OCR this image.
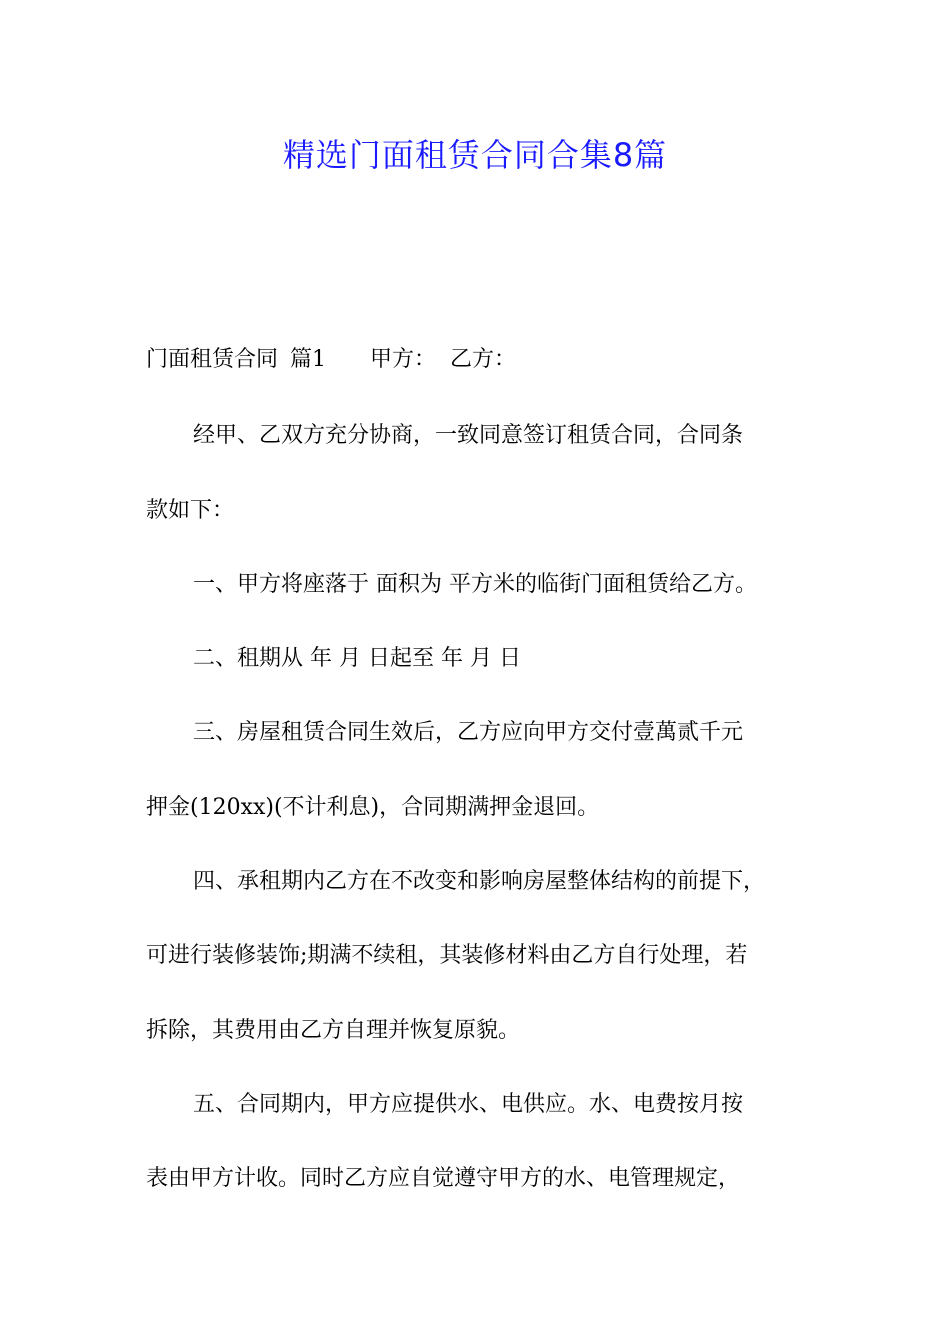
精选门面租赁合同合集8篇

门面租赁合同 篇1 甲方： 乙方：

经甲、乙双方充分协商，一致同意签订租赁合同，合同条

款如下：

一、甲方将座落于 面积为 平方米的临街门面租赁给乙方。

二、租期从 年 月 日起至 年 月 日

三、房屋租赁合同生效后，乙方应向甲方交付壹萬贰千元

押金(120xx)(不计利息)，合同期满押金退回。

四、承租期内乙方在不改变和影响房屋整体结构的前提下，

可进行装修装饰;期满不续租，其装修材料由乙方自行处理，若

拆除，其费用由乙方自理并恢复原貌。

五、合同期内，甲方应提供水、电供应。水、电费按月按

表由甲方计收。同时乙方应自觉遵守甲方的水、电管理规定，
